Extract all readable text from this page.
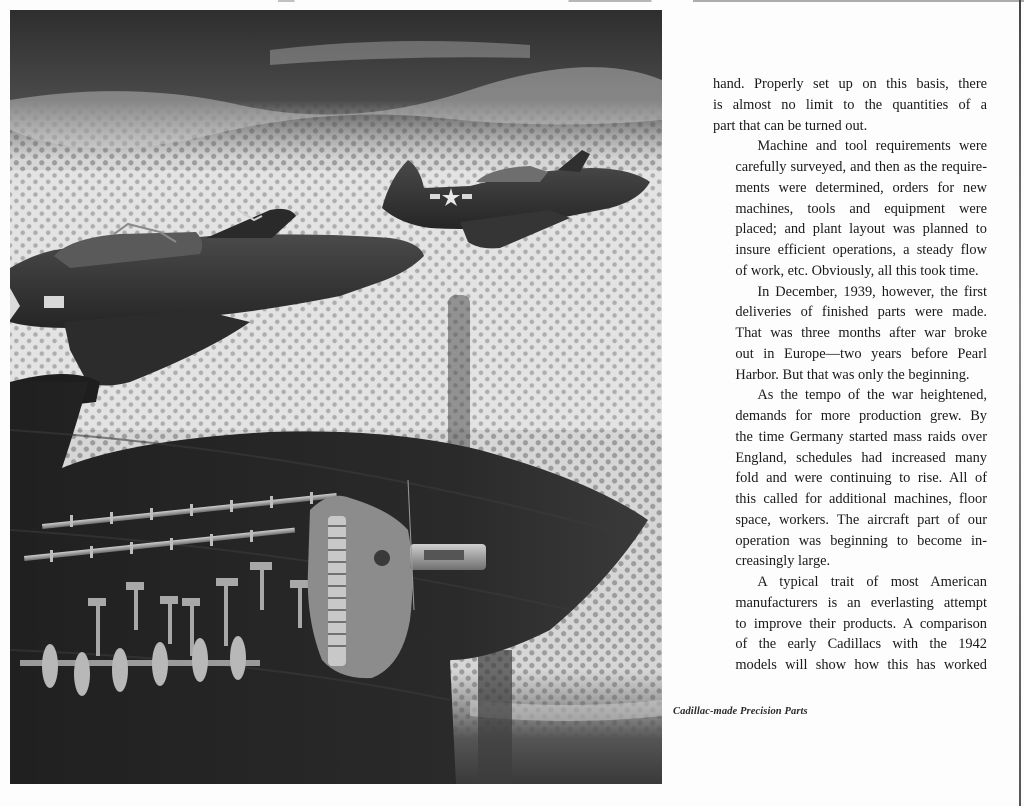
hand. Properly set up on this basis, there
is almost no limit to the quantities of a
part that can be turned out.

Machine and tool requirements were
carefully surveyed, and then as the require-
ments were determined, orders for new
machines, tools and equipment were
placed; and plant layout was planned to
insure efficient operations, a steady flow
of work, etc. Obviously, all this took time.

In December, 1939, however, the first
deliveries of finished parts were made.
That was three months after war broke
out in Europe—two years before Pearl
Harbor. But that was only the beginning.

As the tempo of the war heightened,
demands for more production grew. By
the time Germany started mass raids over
England, schedules had increased many
fold and were continuing to rise. All of
this called for additional machines, floor
space, workers. The aircraft part of our
operation was beginning to become in-
creasingly large.

A typical trait of most American
manufacturers is an everlasting attempt
to improve their products. A comparison
of the early Cadillacs with the 1942
models will show how this has worked

Cadillac-made Precision Parts
